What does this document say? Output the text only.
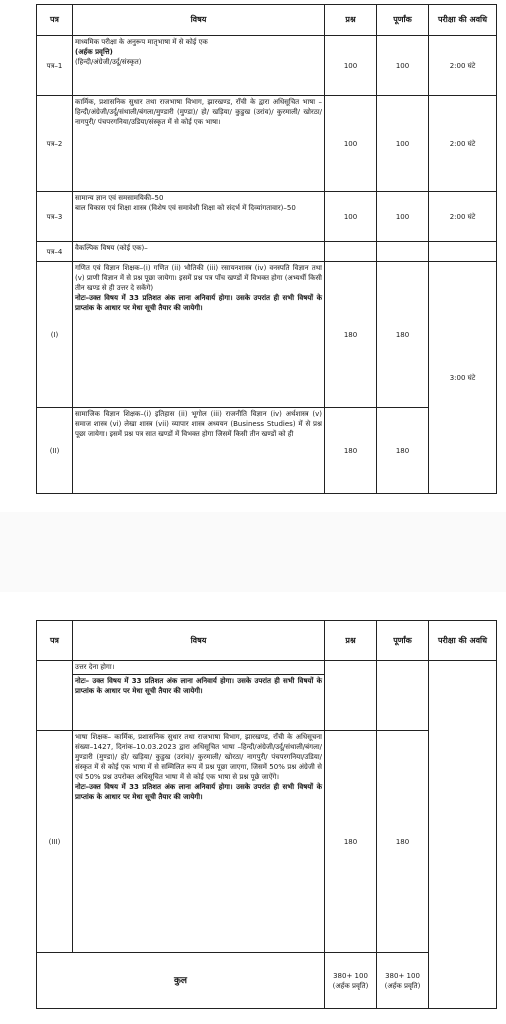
पत्र	विषय	प्रश्न	पूर्णांक	परीक्षा की अवधि
पत्र–1	माध्यमिक परीक्षा के अनुरूप मातृभाषा में से कोई एक

(अर्हक प्रवृत्ति)

(हिन्दी/अंग्रेजी/उर्दू/संस्कृत)	100	100	2:00 घंटे
पत्र–2	कार्मिक, प्रशासनिक सुधार तथा राजभाषा विभाग, झारखण्ड, राँची के द्वारा अधिसूचित भाषा – हिन्दी/अंग्रेजी/उर्दू/संथाली/बंगला/मुण्डारी (मुण्डा)/ हो/ खड़िया/ कुडुख (उरांव)/ कुरमाली/ खोरठा/ नागपुरी/ पंचपरगनिया/उडिया/संस्कृत में से कोई एक भाषा।	100	100	2:00 घंटे
पत्र–3	सामान्य ज्ञान एवं समसामयिकी–50

बाल विकास एवं शिक्षा शास्त्र (विशेष एवं समावेशी शिक्षा को संदर्भ में दिव्यांगतावार)–50	100	100	2:00 घंटे
पत्र–4	वैकल्पिक विषय (कोई एक)–			
(I)	गणित एवं विज्ञान शिक्षक–(i) गणित (ii) भौतिकी (iii) रसायनशास्त्र (iv) वनस्पति विज्ञान तथा (v) प्राणी विज्ञान में से प्रश्न पूछा जायेगा। इसमें प्रश्न पत्र पाँच खण्डों में विभक्त होगा (अभ्यर्थी किसी तीन खण्ड से ही उत्तर दे सकेंगे)

नोटः–उक्त विषय में 33 प्रतिशत अंक लाना अनिवार्य होगा। उसके उपरांत ही सभी विषयों के प्राप्तांक के आधार पर मेधा सूची तैयार की जायेगी।	180	180	3:00 घंटे
(II)	सामाजिक विज्ञान शिक्षक–(i) इतिहास (ii) भूगोल (iii) राजनीति विज्ञान (iv) अर्थशास्त्र (v) समाज शास्त्र (vi) लेखा शास्त्र (vii) व्यापार शास्त्र अध्ययन (Business Studies) में से प्रश्न पूछा जायेगा। इसमें प्रश्न पत्र सात खण्डों में विभक्त होगा जिसमें किसी तीन खण्डों को ही	180	180	
पत्र	विषय	प्रश्न	पूर्णांक	परीक्षा की अवधि
	उत्तर देना होगा।			

	नोटः– उक्त विषय में 33 प्रतिशत अंक लाना अनिवार्य होगा। उसके उपरांत ही सभी विषयों के प्राप्तांक के आधार पर मेधा सूची तैयार की जायेगी।			

(III)	भाषा शिक्षक– कार्मिक, प्रशासनिक सुधार तथा राजभाषा विभाग, झारखण्ड, राँची के अधिसूचना संख्या–1427, दिनांक–10.03.2023 द्वारा अधिसूचित भाषा –हिन्दी/अंग्रेजी/उर्दू/संथाली/बंगला/मुण्डारी (मुण्डा)/ हो/ खड़िया/ कुडुख (उरांव)/ कुरमाली/ खोरठा/ नागपुरी/ पंचपरगनिया/उडिया/संस्कृत में से कोई एक भाषा में से सम्मिलित रूप में प्रश्न पूछा जाएगा, जिसमें 50% प्रश्न अंग्रेजी से एवं 50% प्रश्न उपरोक्त अधिसूचित भाषा में से कोई एक भाषा से प्रश्न पूछे जाऐंगे।

नोटः–उक्त विषय में 33 प्रतिशत अंक लाना अनिवार्य होगा। उसके उपरांत ही सभी विषयों के प्राप्तांक के आधार पर मेधा सूची तैयार की जायेगी।	180	180	
कुल		380+ 100 (अर्हक प्रवृति)	380+ 100 (अर्हक प्रवृति)	
